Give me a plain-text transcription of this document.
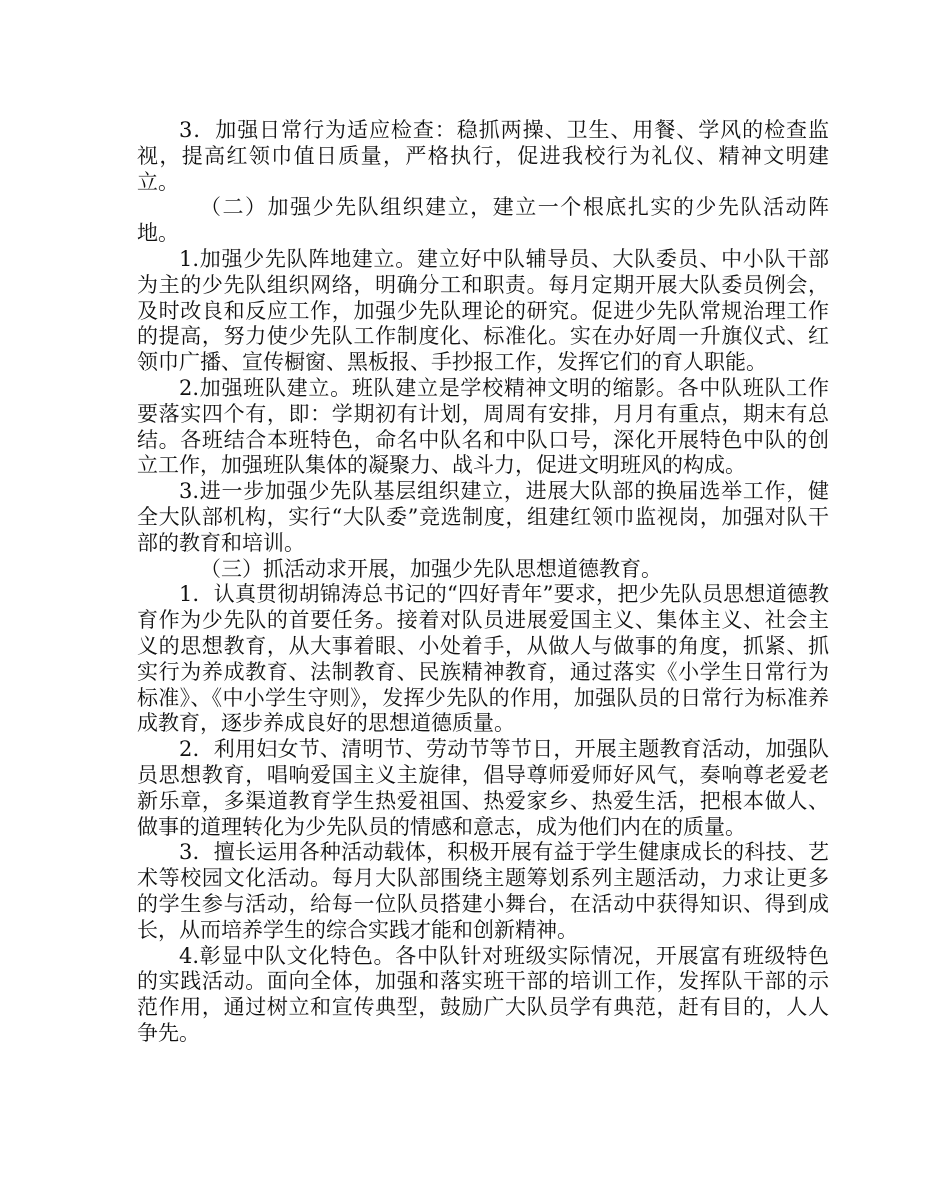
3．加强日常行为适应检查：稳抓两操、卫生、用餐、学风的检查监视，提高红领巾值日质量，严格执行，促进我校行为礼仪、精神文明建立。

（二）加强少先队组织建立，建立一个根底扎实的少先队活动阵地。

1.加强少先队阵地建立。建立好中队辅导员、大队委员、中小队干部为主的少先队组织网络，明确分工和职责。每月定期开展大队委员例会，及时改良和反应工作，加强少先队理论的研究。促进少先队常规治理工作的提高，努力使少先队工作制度化、标准化。实在办好周一升旗仪式、红领巾广播、宣传橱窗、黑板报、手抄报工作，发挥它们的育人职能。

2.加强班队建立。班队建立是学校精神文明的缩影。各中队班队工作要落实四个有，即：学期初有计划，周周有安排，月月有重点，期末有总结。各班结合本班特色，命名中队名和中队口号，深化开展特色中队的创立工作，加强班队集体的凝聚力、战斗力，促进文明班风的构成。

3.进一步加强少先队基层组织建立，进展大队部的换届选举工作，健全大队部机构，实行“大队委”竞选制度，组建红领巾监视岗，加强对队干部的教育和培训。

（三）抓活动求开展，加强少先队思想道德教育。

1．认真贯彻胡锦涛总书记的“四好青年”要求，把少先队员思想道德教育作为少先队的首要任务。接着对队员进展爱国主义、集体主义、社会主义的思想教育，从大事着眼、小处着手，从做人与做事的角度，抓紧、抓实行为养成教育、法制教育、民族精神教育，通过落实《小学生日常行为标准》、《中小学生守则》，发挥少先队的作用，加强队员的日常行为标准养成教育，逐步养成良好的思想道德质量。

2．利用妇女节、清明节、劳动节等节日，开展主题教育活动，加强队员思想教育，唱响爱国主义主旋律，倡导尊师爱师好风气，奏响尊老爱老新乐章，多渠道教育学生热爱祖国、热爱家乡、热爱生活，把根本做人、做事的道理转化为少先队员的情感和意志，成为他们内在的质量。

3．擅长运用各种活动载体，积极开展有益于学生健康成长的科技、艺术等校园文化活动。每月大队部围绕主题筹划系列主题活动，力求让更多的学生参与活动，给每一位队员搭建小舞台，在活动中获得知识、得到成长，从而培养学生的综合实践才能和创新精神。

4.彰显中队文化特色。各中队针对班级实际情况，开展富有班级特色的实践活动。面向全体，加强和落实班干部的培训工作，发挥队干部的示范作用，通过树立和宣传典型，鼓励广大队员学有典范，赶有目的，人人争先。
